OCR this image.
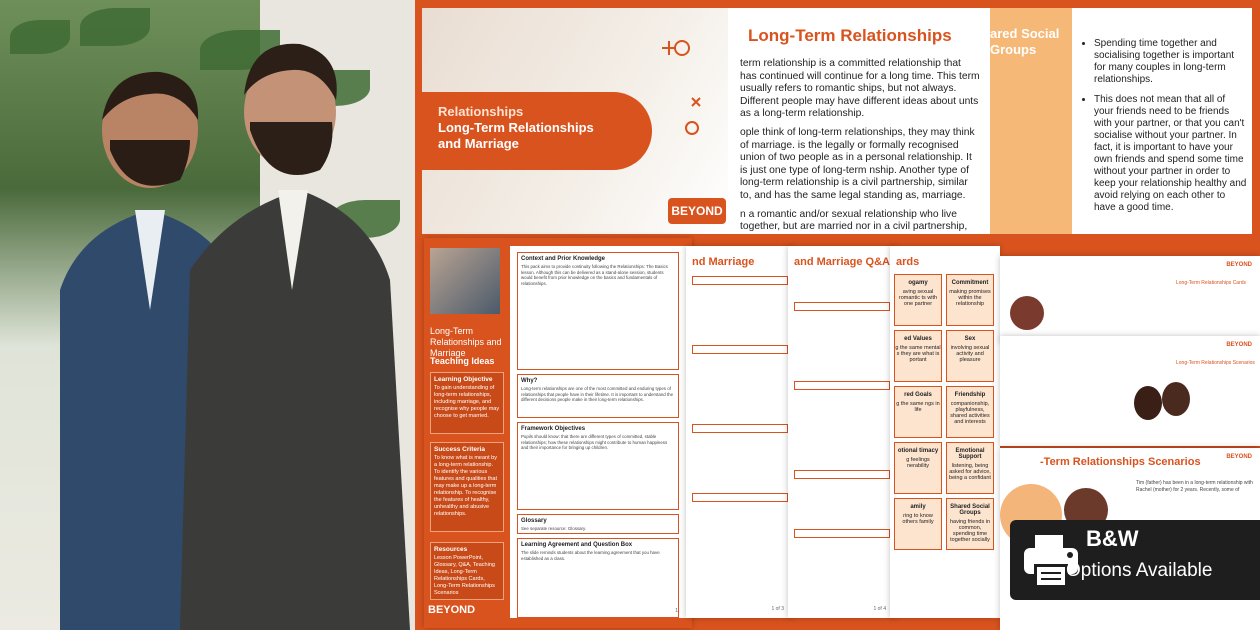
Relationships
Long-Term Relationships
and Marriage
BEYOND
Long-Term Relationships

term relationship is a committed relationship that has continued will continue for a long time. This term usually refers to romantic ships, but not always. Different people may have different ideas about unts as a long-term relationship.

ople think of long-term relationships, they may think of marriage. is the legally or formally recognised union of two people as in a personal relationship. It is just one type of long-term nship. Another type of long-term relationship is a civil partnership, similar to, and has the same legal standing as, marriage.

n a romantic and/or sexual relationship who live together, but are married nor in a civil partnership,

ared Social Groups
•	Spending time together and socialising together is important for many couples in long-term relationships.
• This does not mean that all of your friends need to be friends with your partner, or that you can't socialise without your partner. In fact, it is important to have your own friends and spend some time without your partner in order to keep your relationship healthy and avoid relying on each other to have a good time.
Long-Term Relationships and Marriage
Teaching Ideas
Learning Objective
To gain understanding of long-term relationships, including marriage, and recognise why people may choose to get married.
Success Criteria
To know what is meant by a long-term relationship. To identify the various features and qualities that may make up a long-term relationship. To recognise the features of healthy, unhealthy and abusive relationships.
Resources
Lesson PowerPoint, Glossary, Q&A, Teaching Ideas, Long-Term Relationships Cards, Long-Term Relationships Scenarios
BEYOND
Context and Prior Knowledge

This pack aims to provide continuity following the Relationships: The Basics lesson. Although this can be delivered as a stand-alone session, students would benefit from prior knowledge on the basics and fundamentals of relationships.

Why?

Long-term relationships are one of the most committed and enduring types of relationships that people have in their lifetime. It is important to understand the different decisions people make in their long-term relationships.

Framework Objectives

Pupils should know: that there are different types of committed, stable relationships; how these relationships might contribute to human happiness and their importance for bringing up children.

Glossary

See separate resource: Glossary.

Learning Agreement and Question Box

The slide reminds students about the learning agreement that you have established as a class.

1
nd Marriage
1 of 3
and Marriage Q&A
1 of 4
ards
ogamy
aving sexual romantic ts with one partner
Commitment
making promises within the relationship
ed Values
g the same mental s they are what is portant
Sex
involving sexual activity and pleasure
red Goals
g the same ngs in life
Friendship
companionship, playfulness, shared activities and interests
otional timacy
g feelings nerability
Emotional Support
listening, being asked for advice, being a confidant
amily
ring to know others family
Shared Social Groups
having friends in common, spending time together socially
BEYOND
Long-Term Relationships Cards
BEYOND
Long-Term Relationships Scenarios
BEYOND
-Term Relationships Scenarios
Tim (father) has been in a long-term relationship with Rachel (mother) for 2 years. Recently, some of
B&W
Options Available
